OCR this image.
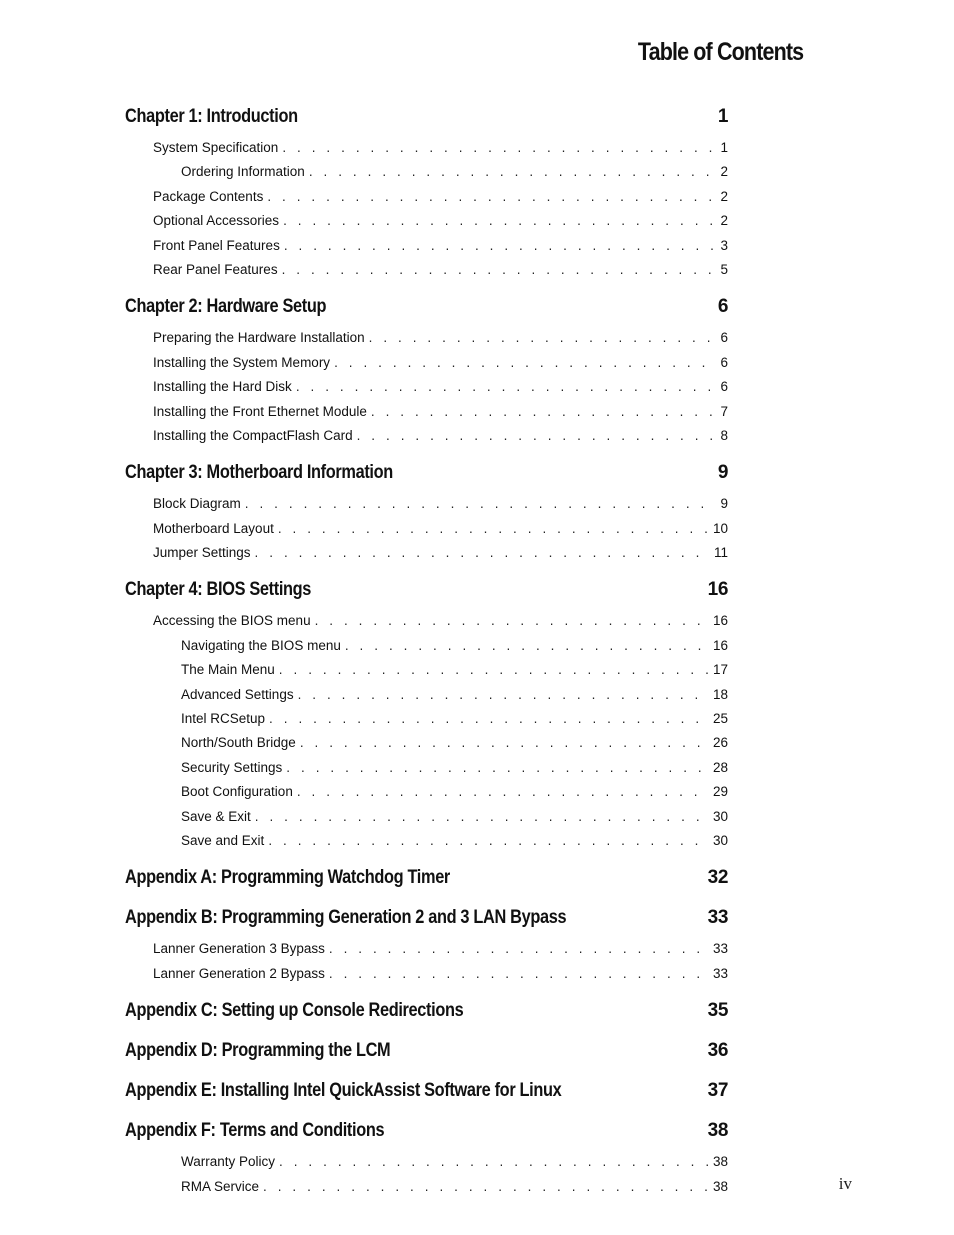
Table of Contents
Chapter 1: Introduction	1
System Specification . . .	1
Ordering Information . . .	2
Package Contents . . .	2
Optional Accessories . . .	2
Front Panel Features . . .	3
Rear Panel Features . . .	5
Chapter 2: Hardware Setup	6
Preparing the Hardware Installation . . .	6
Installing the System Memory . . .	6
Installing the Hard Disk . . .	6
Installing the Front Ethernet Module . . .	7
Installing the CompactFlash Card . . .	8
Chapter 3: Motherboard Information	9
Block Diagram . . .	9
Motherboard Layout . . .	10
Jumper Settings . . .	11
Chapter 4: BIOS Settings	16
Accessing the BIOS menu . . .	16
Navigating the BIOS menu . . .	16
The Main Menu . . .	17
Advanced Settings . . .	18
Intel RCSetup . . .	25
North/South Bridge . . .	26
Security Settings . . .	28
Boot Configuration . . .	29
Save & Exit . . .	30
Save and Exit . . .	30
Appendix A: Programming Watchdog Timer	32
Appendix B: Programming Generation 2 and 3 LAN Bypass	33
Lanner Generation 3 Bypass . . .	33
Lanner Generation 2 Bypass . . .	33
Appendix C: Setting up Console Redirections	35
Appendix D: Programming the LCM	36
Appendix E: Installing Intel QuickAssist Software for Linux	37
Appendix F: Terms and Conditions	38
Warranty Policy . . .	38
RMA Service . . .	38	iv
